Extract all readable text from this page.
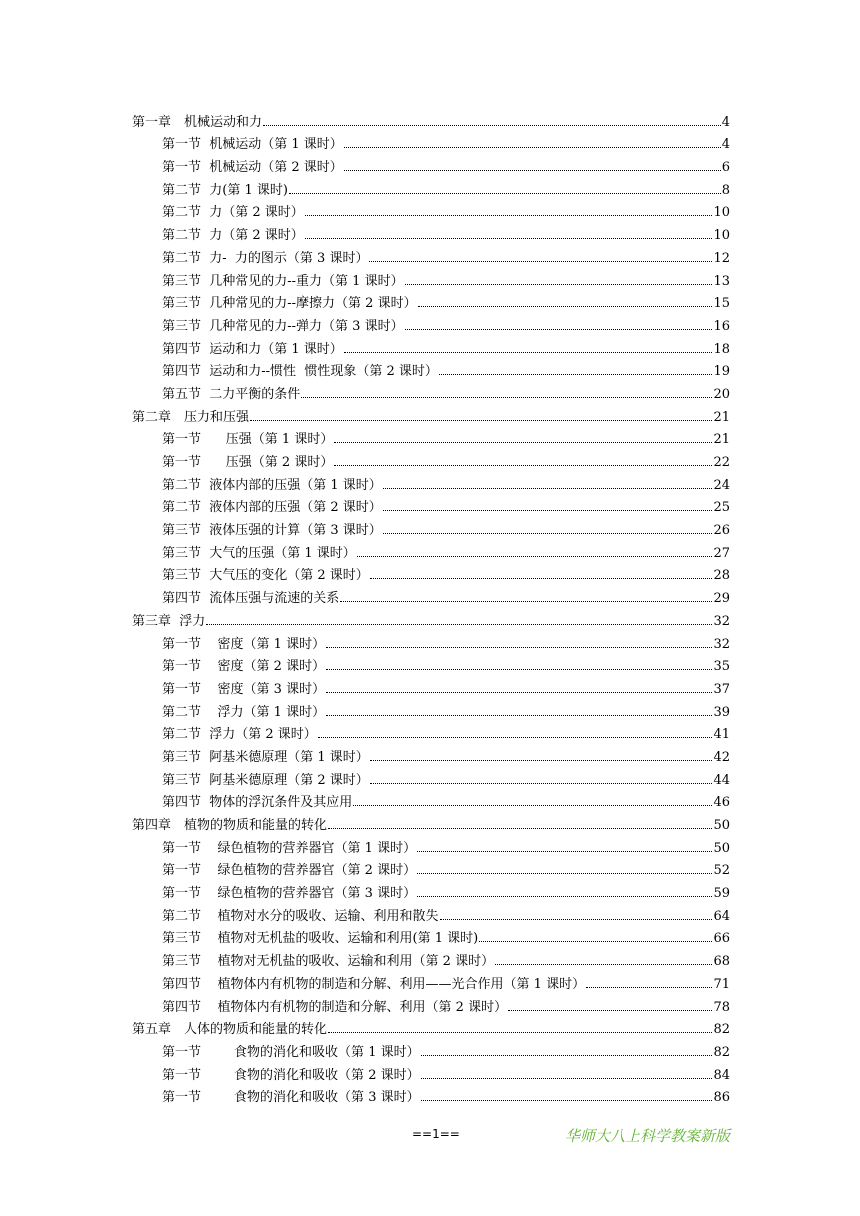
第一章　机械运动和力	4
第一节  机械运动（第 1 课时）	4
第一节  机械运动（第 2 课时）	6
第二节  力(第 1 课时)	8
第二节  力（第 2 课时）	10
第二节  力（第 2 课时）	10
第二节  力-  力的图示（第 3 课时）	12
第三节  几种常见的力--重力（第 1 课时）	13
第三节  几种常见的力--摩擦力（第 2 课时）	15
第三节  几种常见的力--弹力（第 3 课时）	16
第四节  运动和力（第 1 课时）	18
第四节  运动和力--惯性  惯性现象（第 2 课时）	19
第五节  二力平衡的条件	20
第二章　压力和压强	21
第一节      压强（第 1 课时）	21
第一节      压强（第 2 课时）	22
第二节  液体内部的压强（第 1 课时）	24
第二节  液体内部的压强（第 2 课时）	25
第三节  液体压强的计算（第 3 课时）	26
第三节  大气的压强（第 1 课时）	27
第三节  大气压的变化（第 2 课时）	28
第四节  流体压强与流速的关系	29
第三章  浮力	32
第一节    密度（第 1 课时）	32
第一节    密度（第 2 课时）	35
第一节    密度（第 3 课时）	37
第二节    浮力（第 1 课时）	39
第二节  浮力（第 2 课时）	41
第三节  阿基米德原理（第 1 课时）	42
第三节  阿基米德原理（第 2 课时）	44
第四节  物体的浮沉条件及其应用	46
第四章　植物的物质和能量的转化	50
第一节    绿色植物的营养器官（第 1 课时）	50
第一节    绿色植物的营养器官（第 2 课时）	52
第一节    绿色植物的营养器官（第 3 课时）	59
第二节    植物对水分的吸收、运输、利用和散失	64
第三节    植物对无机盐的吸收、运输和利用(第 1 课时)	66
第三节    植物对无机盐的吸收、运输和利用（第 2 课时）	68
第四节    植物体内有机物的制造和分解、利用——光合作用（第 1 课时）	71
第四节    植物体内有机物的制造和分解、利用（第 2 课时）	78
第五章　人体的物质和能量的转化	82
第一节        食物的消化和吸收（第 1 课时）	82
第一节        食物的消化和吸收（第 2 课时）	84
第一节        食物的消化和吸收（第 3 课时）	86
==1==	华师大八上科学教案新版
